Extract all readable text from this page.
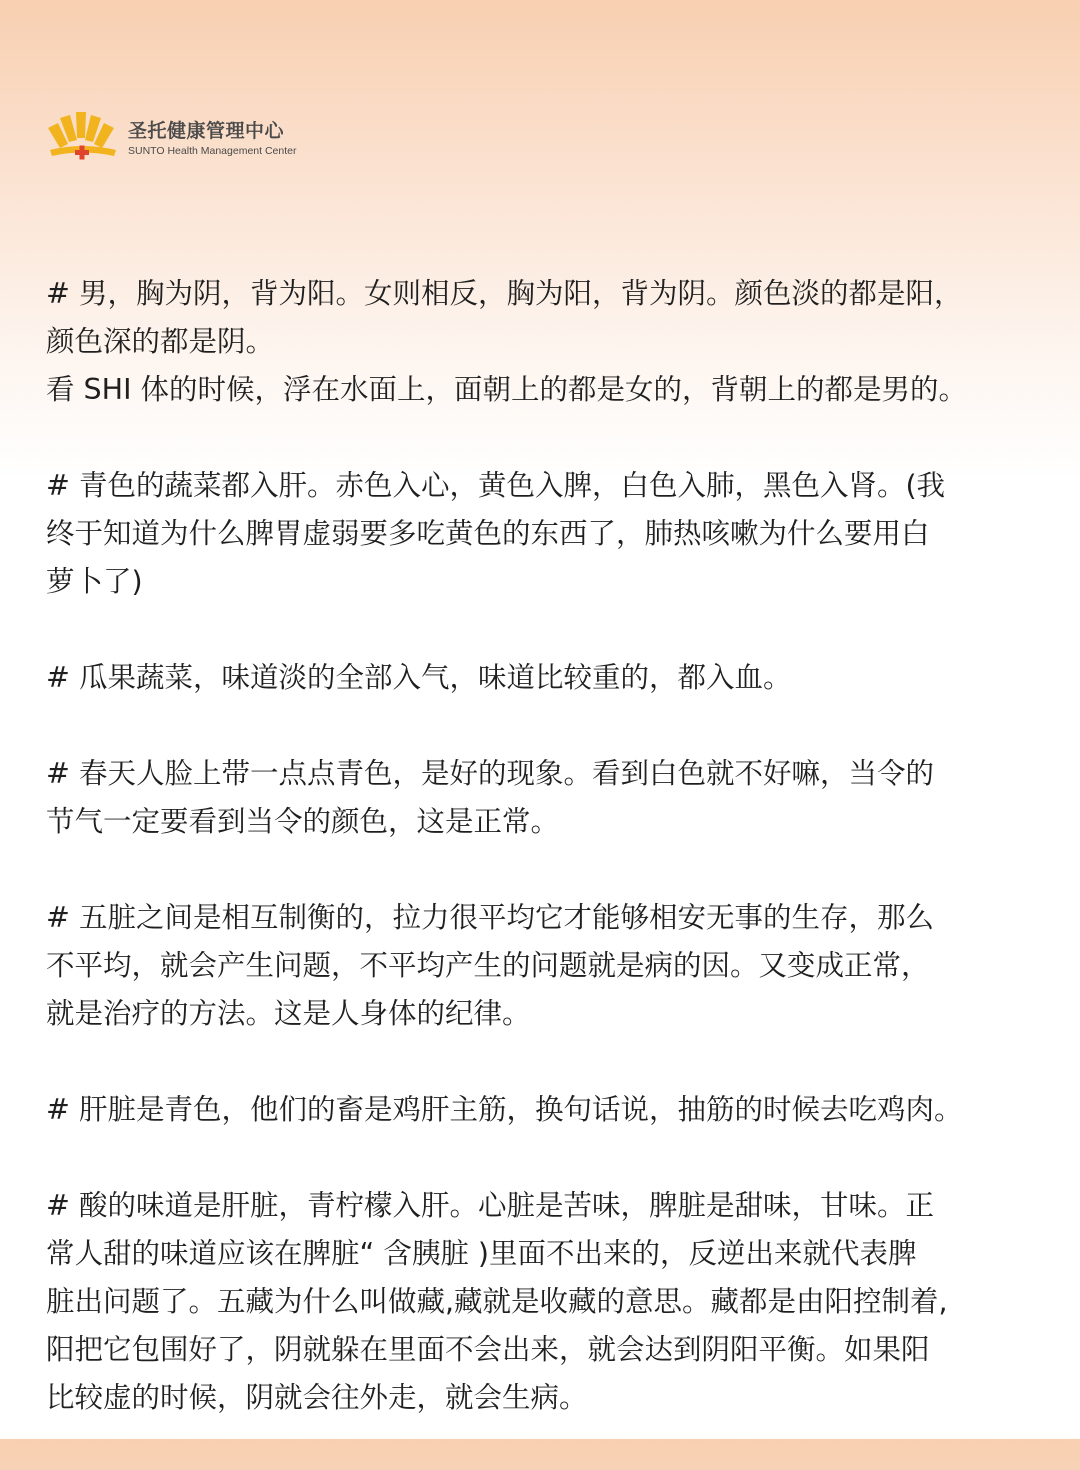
圣托健康管理中心
SUNTO Health Management Center
# 男，胸为阴，背为阳。女则相反，胸为阳，背为阴。颜色淡的都是阳，
颜色深的都是阴。
看 SHI 体的时候，浮在水面上，面朝上的都是女的，背朝上的都是男的。
# 青色的蔬菜都入肝。赤色入心，黄色入脾，白色入肺，黑色入肾。(我
终于知道为什么脾胃虚弱要多吃黄色的东西了，肺热咳嗽为什么要用白
萝卜了)
# 瓜果蔬菜，味道淡的全部入气，味道比较重的，都入血。
# 春天人脸上带一点点青色，是好的现象。看到白色就不好嘛，当令的
节气一定要看到当令的颜色，这是正常。
# 五脏之间是相互制衡的，拉力很平均它才能够相安无事的生存，那么
不平均，就会产生问题，不平均产生的问题就是病的因。又变成正常，
就是治疗的方法。这是人身体的纪律。
# 肝脏是青色，他们的畜是鸡肝主筋，换句话说，抽筋的时候去吃鸡肉。
# 酸的味道是肝脏，青柠檬入肝。心脏是苦味，脾脏是甜味，甘味。正
常人甜的味道应该在脾脏“ 含胰脏 )里面不出来的，反逆出来就代表脾
脏出问题了。五藏为什么叫做藏,藏就是收藏的意思。藏都是由阳控制着,
阳把它包围好了，阴就躲在里面不会出来，就会达到阴阳平衡。如果阳
比较虚的时候，阴就会往外走，就会生病。
